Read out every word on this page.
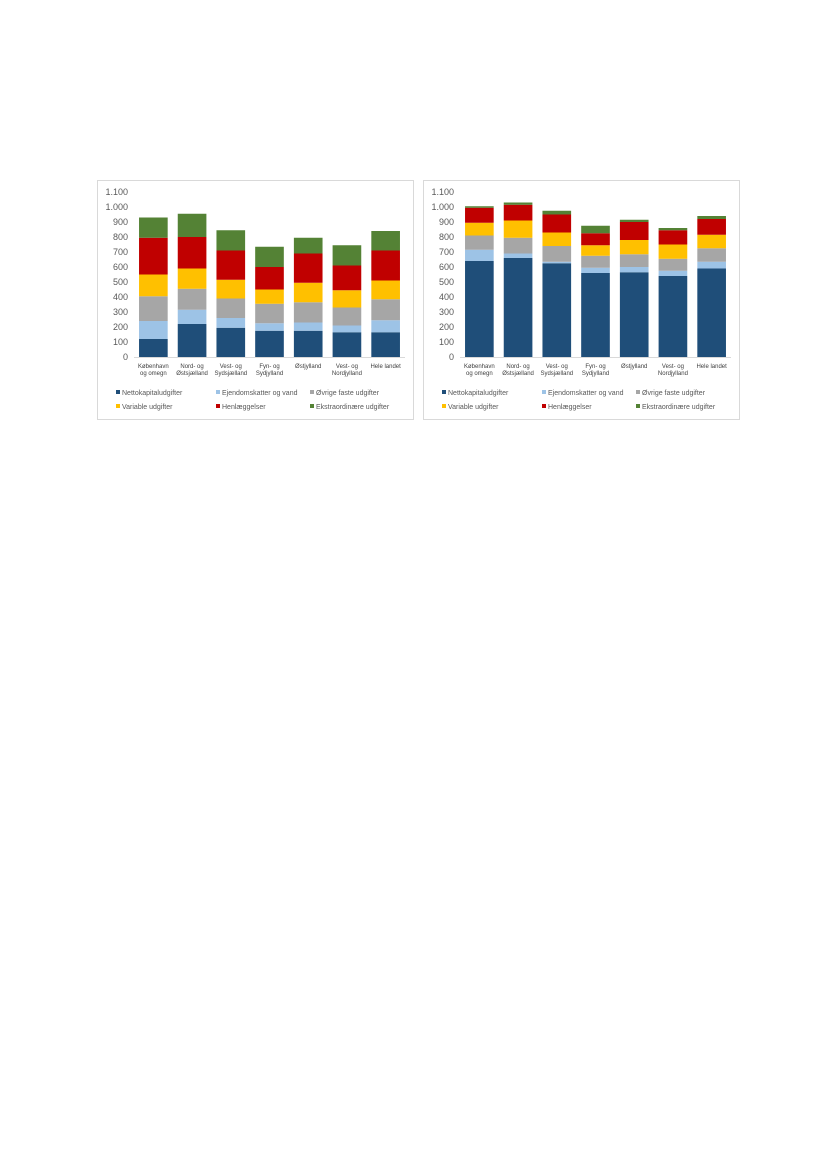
0
100
200
300
400
500
600
700
800
900
1.000
1.100
København
og omegn
Nord- og
Østsjælland
Vest- og
Sydsjælland
Fyn- og
Sydjylland
Østjylland Vest- og
Nordjylland
Hele landet
Nettokapitaludgifter	Ejendomskatter og vand	Øvrige faste udgifter
Variable udgifter	Henlæggelser	Ekstraordinære udgifter
0
100
200
300
400
500
600
700
800
900
1.000
1.100
København
og omegn
Nord- og
Østsjælland
Vest- og
Sydsjælland
Fyn- og
Sydjylland
Østjylland Vest- og
Nordjylland
Hele landet
Nettokapitaludgifter	Ejendomskatter og vand	Øvrige faste udgifter
Variable udgifter	Henlæggelser	Ekstraordinære udgifter
